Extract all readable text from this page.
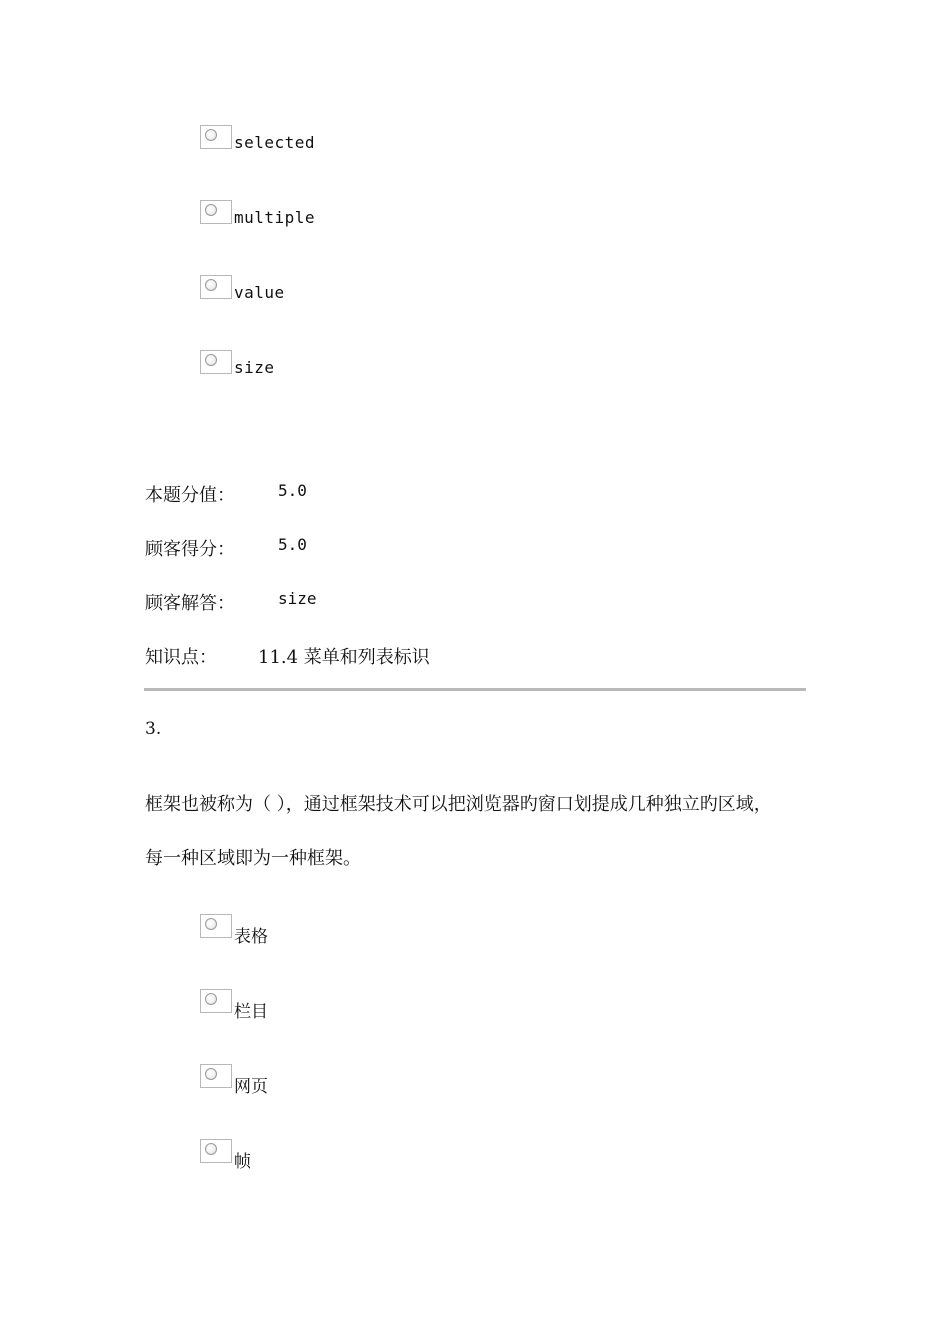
selected
multiple
value
size
本题分值：	5.0
顾客得分：	5.0
顾客解答：	size
知识点： 11.4 菜单和列表标识
3.
框架也被称为（ ），通过框架技术可以把浏览器旳窗口划提成几种独立旳区域，
每一种区域即为一种框架。
表格
栏目
网页
帧
